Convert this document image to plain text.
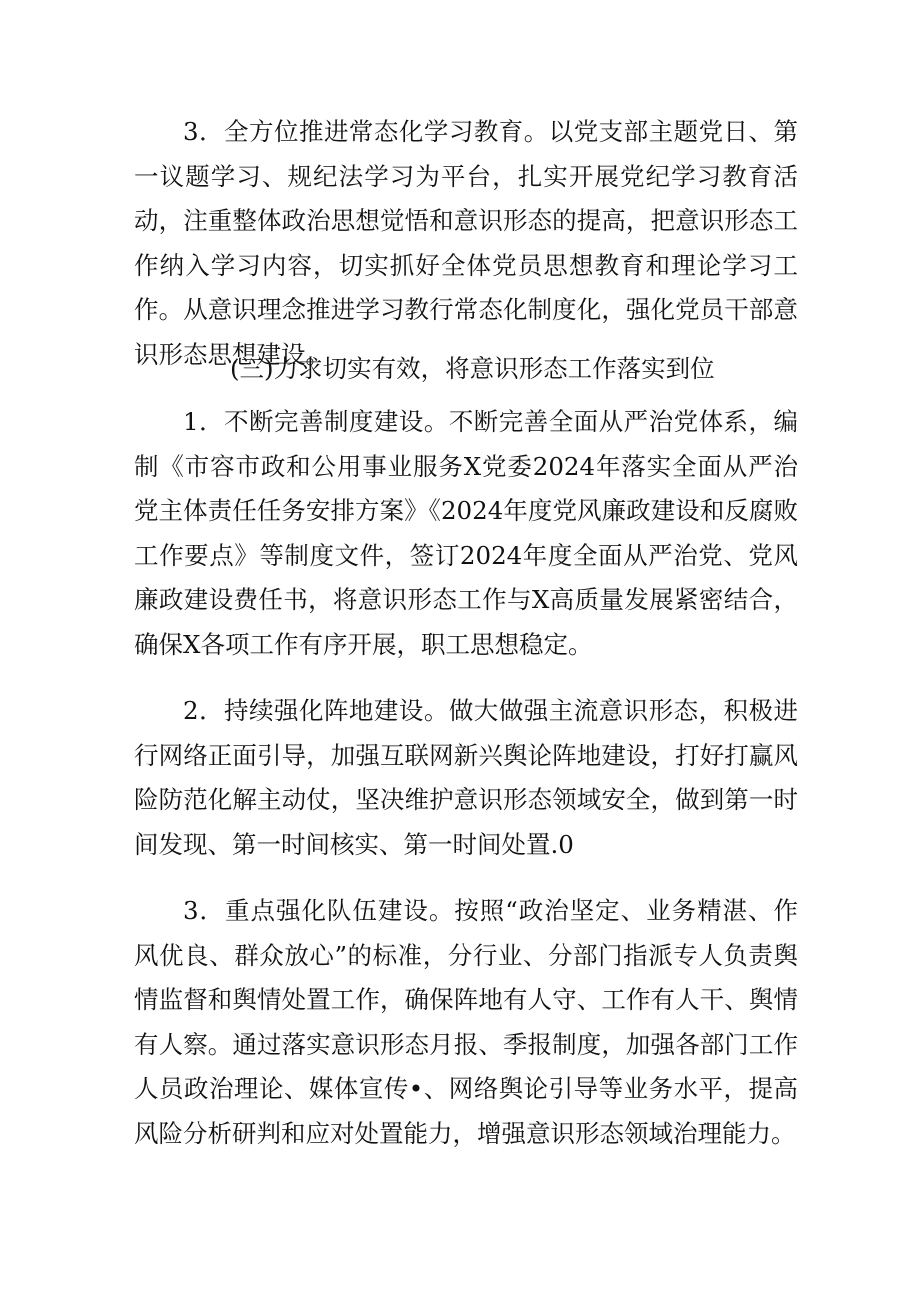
3．全方位推进常态化学习教育。以党支部主题党日、第一议题学习、规纪法学习为平台，扎实开展党纪学习教育活动，注重整体政治思想觉悟和意识形态的提高，把意识形态工作纳入学习内容，切实抓好全体党员思想教育和理论学习工作。从意识理念推进学习教行常态化制度化，强化党员干部意识形态思想建设。

(三)力求切实有效，将意识形态工作落实到位

1．不断完善制度建设。不断完善全面从严治党体系，编制《市容市政和公用事业服务X党委2024年落实全面从严治党主体责任任务安排方案》《2024年度党风廉政建设和反腐败工作要点》等制度文件，签订2024年度全面从严治党、党风廉政建设费任书，将意识形态工作与X高质量发展紧密结合，确保X各项工作有序开展，职工思想稳定。

2．持续强化阵地建设。做大做强主流意识形态，积极进行网络正面引导，加强互联网新兴舆论阵地建设，打好打赢风险防范化解主动仗，坚决维护意识形态领域安全，做到第一时间发现、第一时间核实、第一时间处置.0

3．重点强化队伍建设。按照“政治坚定、业务精湛、作风优良、群众放心”的标准，分行业、分部门指派专人负责舆情监督和舆情处置工作，确保阵地有人守、工作有人干、舆情有人察。通过落实意识形态月报、季报制度，加强各部门工作人员政治理论、媒体宣传•、网络舆论引导等业务水平，提高风险分析研判和应对处置能力，增强意识形态领域治理能力。
